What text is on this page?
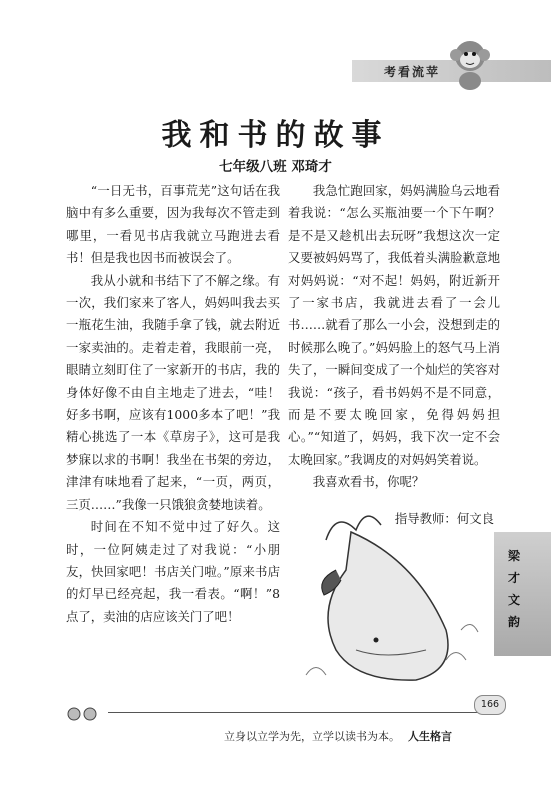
考看流苹
我和书的故事
七年级八班 邓琦才

“一日无书，百事荒芜”这句话在我脑中有多么重要，因为我每次不管走到哪里，一看见书店我就立马跑进去看书！但是我也因书而被误会了。

我从小就和书结下了不解之缘。有一次，我们家来了客人，妈妈叫我去买一瓶花生油，我随手拿了钱，就去附近一家卖油的。走着走着，我眼前一亮，眼睛立刻盯住了一家新开的书店，我的身体好像不由自主地走了进去，“哇！好多书啊，应该有1000多本了吧！”我精心挑选了一本《草房子》，这可是我梦寐以求的书啊！我坐在书架的旁边，津津有味地看了起来，“一页，两页，三页……”我像一只饿狼贪婪地读着。

时间在不知不觉中过了好久。这时，一位阿姨走过了对我说：“小朋友，快回家吧！书店关门啦。”原来书店的灯早已经亮起，我一看表。“啊！”8点了，卖油的店应该关门了吧！

我急忙跑回家，妈妈满脸乌云地看着我说：“怎么买瓶油要一个下午啊？是不是又趁机出去玩呀”我想这次一定又要被妈妈骂了，我低着头满脸歉意地对妈妈说：“对不起！妈妈，附近新开了一家书店，我就进去看了一会儿书……就看了那么一小会，没想到走的时候那么晚了。”妈妈脸上的怒气马上消失了，一瞬间变成了一个灿烂的笑容对我说：“孩子，看书妈妈不是不同意，而是不要太晚回家，免得妈妈担心。”“知道了，妈妈，我下次一定不会太晚回家。”我调皮的对妈妈笑着说。

我喜欢看书，你呢？

指导教师：何文良

梁
才
文
韵
166
立身以立学为先，立学以读书为本。 人生格言
